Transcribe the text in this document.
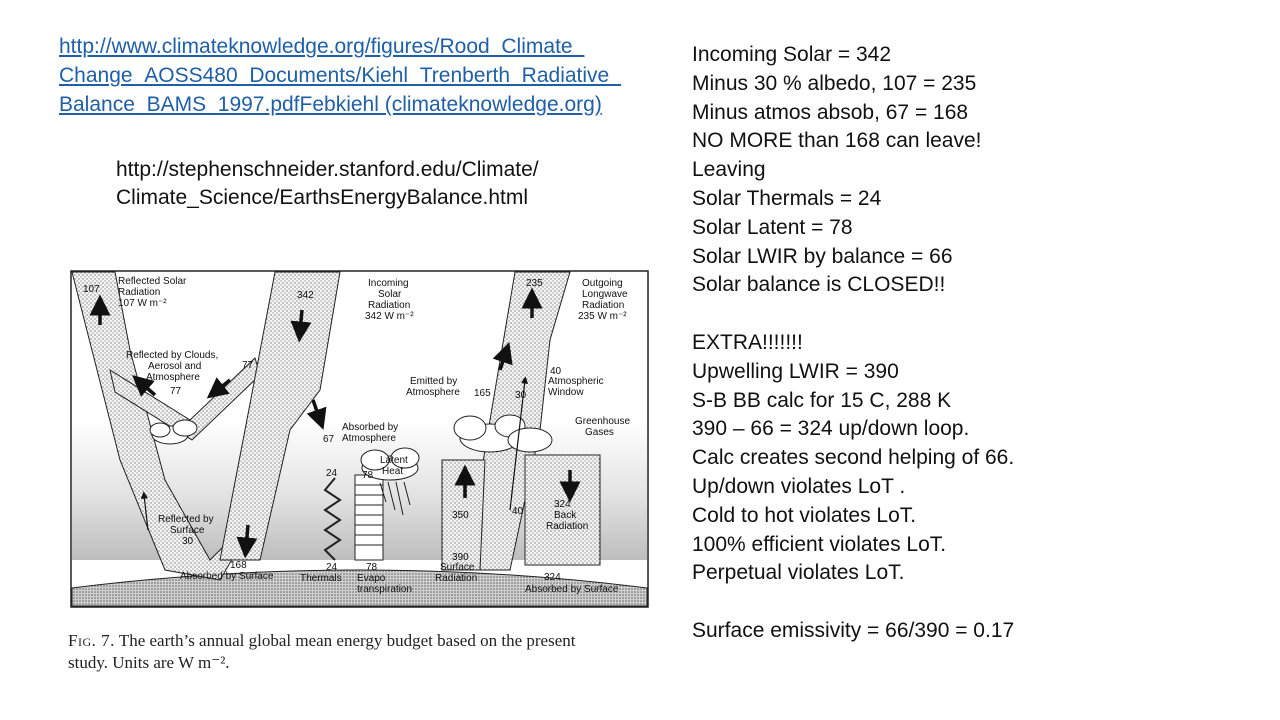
http://www.climateknowledge.org/figures/Rood_Climate_
Change_AOSS480_Documents/Kiehl_Trenberth_Radiative_
Balance_BAMS_1997.pdfFebkiehl (climateknowledge.org)
http://stephenschneider.stanford.edu/Climate/
Climate_Science/EarthsEnergyBalance.html
Incoming Solar = 342
Minus 30 % albedo, 107 = 235
Minus atmos absob, 67 = 168
NO MORE than 168 can leave!
Leaving
Solar Thermals = 24
Solar Latent = 78
Solar LWIR by balance = 66
Solar balance is CLOSED!!
EXTRA!!!!!!!
Upwelling LWIR = 390
S-B BB calc for 15 C, 288 K
390 – 66 = 324 up/down loop.
Calc creates second helping of 66.
Up/down violates LoT .
Cold to hot violates LoT.
100% efficient violates LoT.
Perpetual violates LoT.
Surface emissivity = 66/390 = 0.17
Reflected Solar
Radiation
107 W m⁻²
Incoming
Solar
Radiation
342 W m⁻²
Outgoing
Longwave
Radiation
235 W m⁻²
Reflected by Clouds,
Aerosol and
Atmosphere
Reflected by
Surface
Absorbed by
Atmosphere
Emitted by
Atmosphere
Atmospheric
Window
Greenhouse
Gases
Latent
Heat
Back
Radiation
Absorbed by Surface
Absorbed by Surface
Thermals Evapo
transpiration
Surface
Radiation
107
342
235
77
77
67
165 30
40
24 78
350	40
324
30
168	24	78
390
324
Fig. 7. The earth’s annual global mean energy budget based on the present
study. Units are W m⁻².
